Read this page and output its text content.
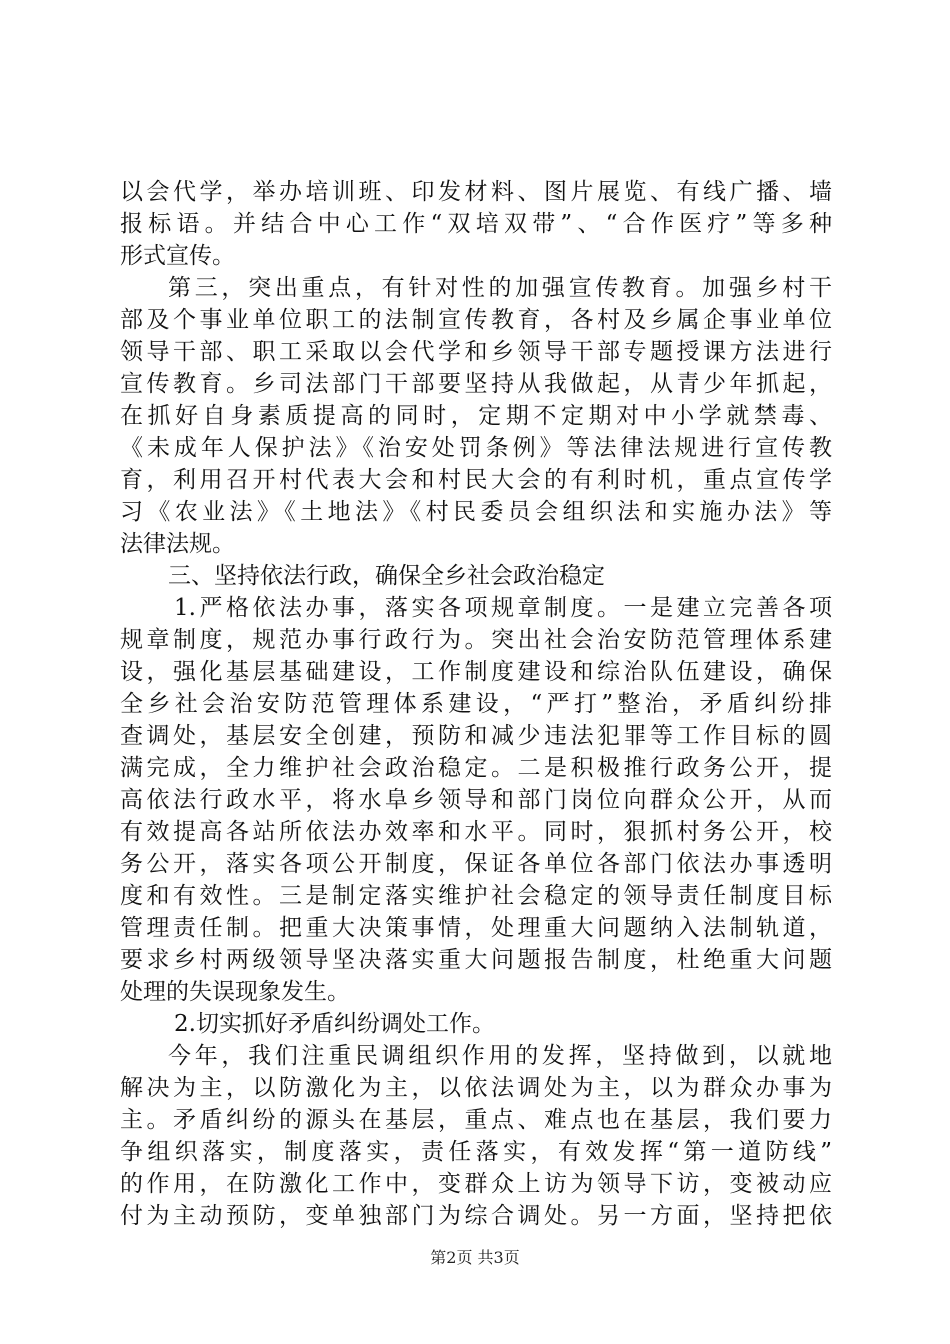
以会代学，举办培训班、印发材料、图片展览、有线广播、墙
报标语。并结合中心工作“双培双带”、“合作医疗”等多种
形式宣传。
第三，突出重点，有针对性的加强宣传教育。加强乡村干
部及个事业单位职工的法制宣传教育，各村及乡属企事业单位
领导干部、职工采取以会代学和乡领导干部专题授课方法进行
宣传教育。乡司法部门干部要坚持从我做起，从青少年抓起，
在抓好自身素质提高的同时，定期不定期对中小学就禁毒、
《未成年人保护法》《治安处罚条例》等法律法规进行宣传教
育，利用召开村代表大会和村民大会的有利时机，重点宣传学
习《农业法》《土地法》《村民委员会组织法和实施办法》等
法律法规。
三、坚持依法行政，确保全乡社会政治稳定
1.严格依法办事，落实各项规章制度。一是建立完善各项
规章制度，规范办事行政行为。突出社会治安防范管理体系建
设，强化基层基础建设，工作制度建设和综治队伍建设，确保
全乡社会治安防范管理体系建设，“严打”整治，矛盾纠纷排
查调处，基层安全创建，预防和减少违法犯罪等工作目标的圆
满完成，全力维护社会政治稳定。二是积极推行政务公开，提
高依法行政水平，将水阜乡领导和部门岗位向群众公开，从而
有效提高各站所依法办效率和水平。同时，狠抓村务公开，校
务公开，落实各项公开制度，保证各单位各部门依法办事透明
度和有效性。三是制定落实维护社会稳定的领导责任制度目标
管理责任制。把重大决策事情，处理重大问题纳入法制轨道，
要求乡村两级领导坚决落实重大问题报告制度，杜绝重大问题
处理的失误现象发生。
2.切实抓好矛盾纠纷调处工作。
今年，我们注重民调组织作用的发挥，坚持做到，以就地
解决为主，以防激化为主，以依法调处为主，以为群众办事为
主。矛盾纠纷的源头在基层，重点、难点也在基层，我们要力
争组织落实，制度落实，责任落实，有效发挥“第一道防线”
的作用，在防激化工作中，变群众上访为领导下访，变被动应
付为主动预防，变单独部门为综合调处。另一方面，坚持把依
第2页 共3页
